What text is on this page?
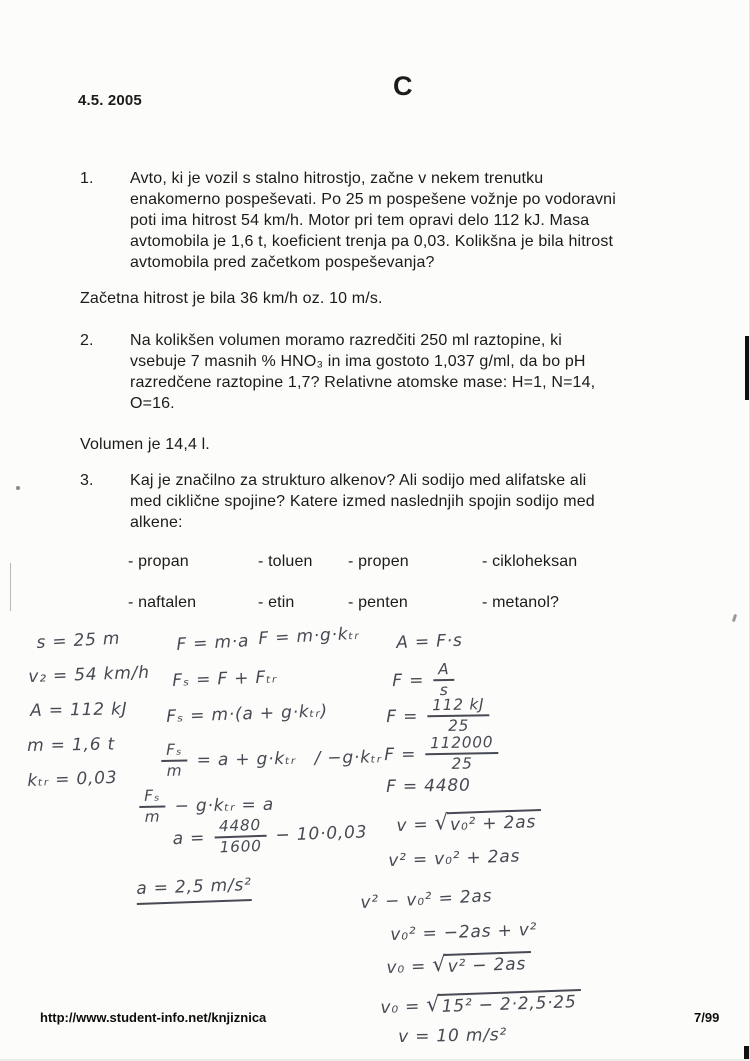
4.5. 2005	C
1.	Avto, ki je vozil s stalno hitrostjo, začne v nekem trenutku
enakomerno pospeševati. Po 25 m pospešene vožnje po vodoravni
poti ima hitrost 54 km/h. Motor pri tem opravi delo 112 kJ. Masa
avtomobila je 1,6 t, koeficient trenja pa 0,03. Kolikšna je bila hitrost
avtomobila pred začetkom pospeševanja?
Začetna hitrost je bila 36 km/h oz. 10 m/s.
2.	Na kolikšen volumen moramo razredčiti 250 ml raztopine, ki
vsebuje 7 masnih % HNO₃ in ima gostoto 1,037 g/ml, da bo pH
razredčene raztopine 1,7? Relativne atomske mase: H=1, N=14,
O=16.
Volumen je 14,4 l.
3.	Kaj je značilno za strukturo alkenov? Ali sodijo med alifatske ali
med ciklične spojine? Katere izmed naslednjih spojin sodijo med
alkene:
- propan	- toluen - propen	- cikloheksan
- naftalen	- etin	- penten	- metanol?
s = 25 m
v₂ = 54 km/h
A = 112 kJ
m = 1,6 t
kₜᵣ = 0,03
F = m·a F = m·g·kₜᵣ
Fₛ = F + Fₜᵣ
Fₛ = m·(a + g·kₜᵣ)
$\frac{\text{Fₛ}}{m} = a$ + g·kₜᵣ   / −g·kₜᵣ
$\frac{\text{Fₛ}}{m}$ − g·kₜᵣ = a
$a = \frac{4480}{1600} - 10\cdot 0,03$
a = 2,5 m/s²
A = F·s
$F = \frac{A}{s}$
$F = \frac{112 kJ}{25}$
$F = \frac{112000}{25}$
F = 4480
v = √ v₀² + 2as
v² = v₀² + 2as
v² − v₀² = 2as
v₀² = −2as + v²
v₀ = √ v² − 2as
v₀ = √ 15² − 2·2,5·25
v = 10 m/s²
http://www.student-info.net/knjiznica	7/99
